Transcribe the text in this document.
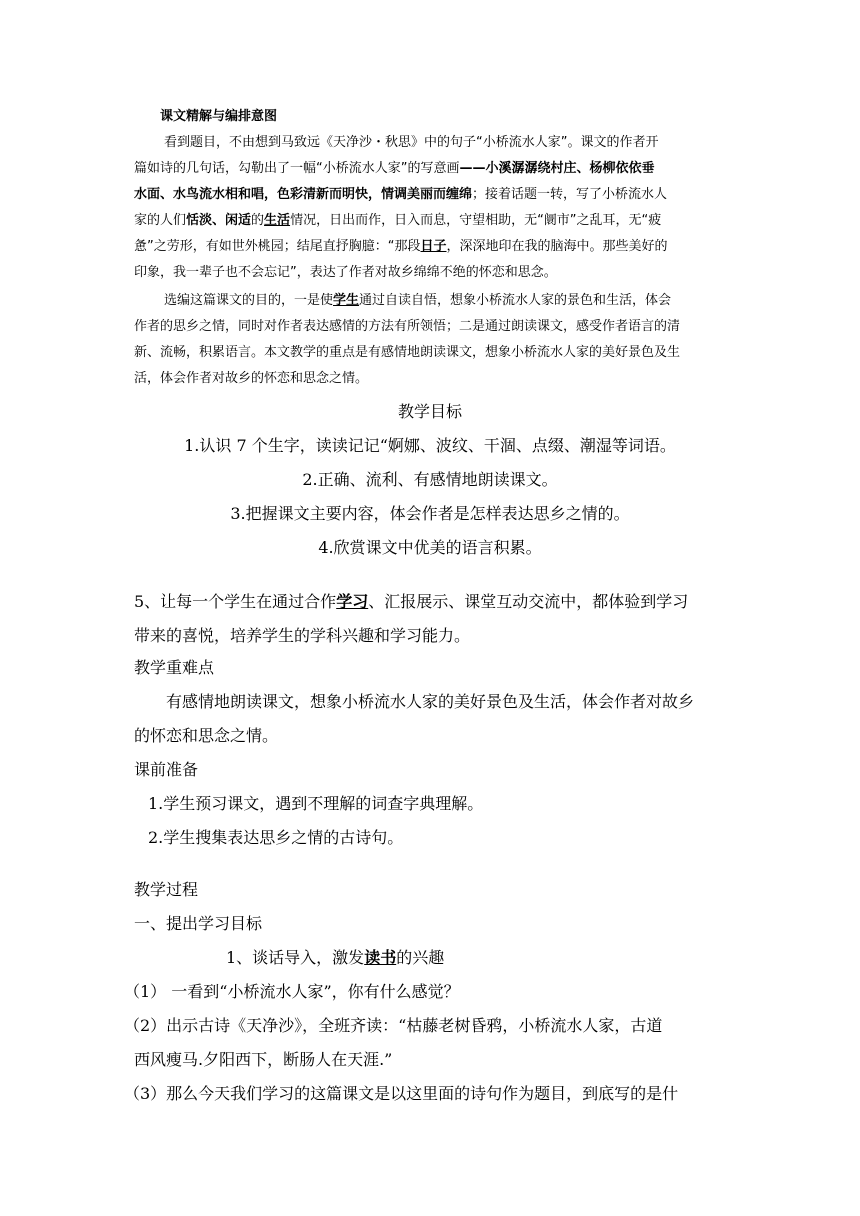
课文精解与编排意图
看到题目，不由想到马致远《天净沙・秋思》中的句子“小桥流水人家”。课文的作者开
篇如诗的几句话，勾勒出了一幅“小桥流水人家”的写意画——小溪潺潺绕村庄、杨柳依依垂
水面、水鸟流水相和唱，色彩清新而明快，情调美丽而缠绵；接着话题一转，写了小桥流水人
家的人们恬淡、闲适的生活情况，日出而作，日入而息，守望相助，无“阛市”之乱耳，无“疲
惫”之劳形，有如世外桃园；结尾直抒胸臆：“那段日子，深深地印在我的脑海中。那些美好的
印象，我一辈子也不会忘记”，表达了作者对故乡绵绵不绝的怀恋和思念。
选编这篇课文的目的，一是使学生通过自读自悟，想象小桥流水人家的景色和生活，体会
作者的思乡之情，同时对作者表达感情的方法有所领悟；二是通过朗读课文，感受作者语言的清
新、流畅，积累语言。本文教学的重点是有感情地朗读课文，想象小桥流水人家的美好景色及生
活，体会作者对故乡的怀恋和思念之情。
教学目标
1.认识 7 个生字，读读记记“婀娜、波纹、干涸、点缀、潮湿等词语。
2.正确、流利、有感情地朗读课文。
3.把握课文主要内容，体会作者是怎样表达思乡之情的。
4.欣赏课文中优美的语言积累。
5、让每一个学生在通过合作学习、汇报展示、课堂互动交流中，都体验到学习
带来的喜悦，培养学生的学科兴趣和学习能力。
教学重难点
有感情地朗读课文，想象小桥流水人家的美好景色及生活，体会作者对故乡
的怀恋和思念之情。
课前准备
1.学生预习课文，遇到不理解的词查字典理解。
2.学生搜集表达思乡之情的古诗句。
教学过程
一、提出学习目标
1、谈话导入，激发读书的兴趣
（1） 一看到“小桥流水人家”，你有什么感觉？
（2）出示古诗《天净沙》，全班齐读：“枯藤老树昏鸦，小桥流水人家，古道
西风瘦马.夕阳西下，断肠人在天涯.”
（3）那么今天我们学习的这篇课文是以这里面的诗句作为题目，到底写的是什
